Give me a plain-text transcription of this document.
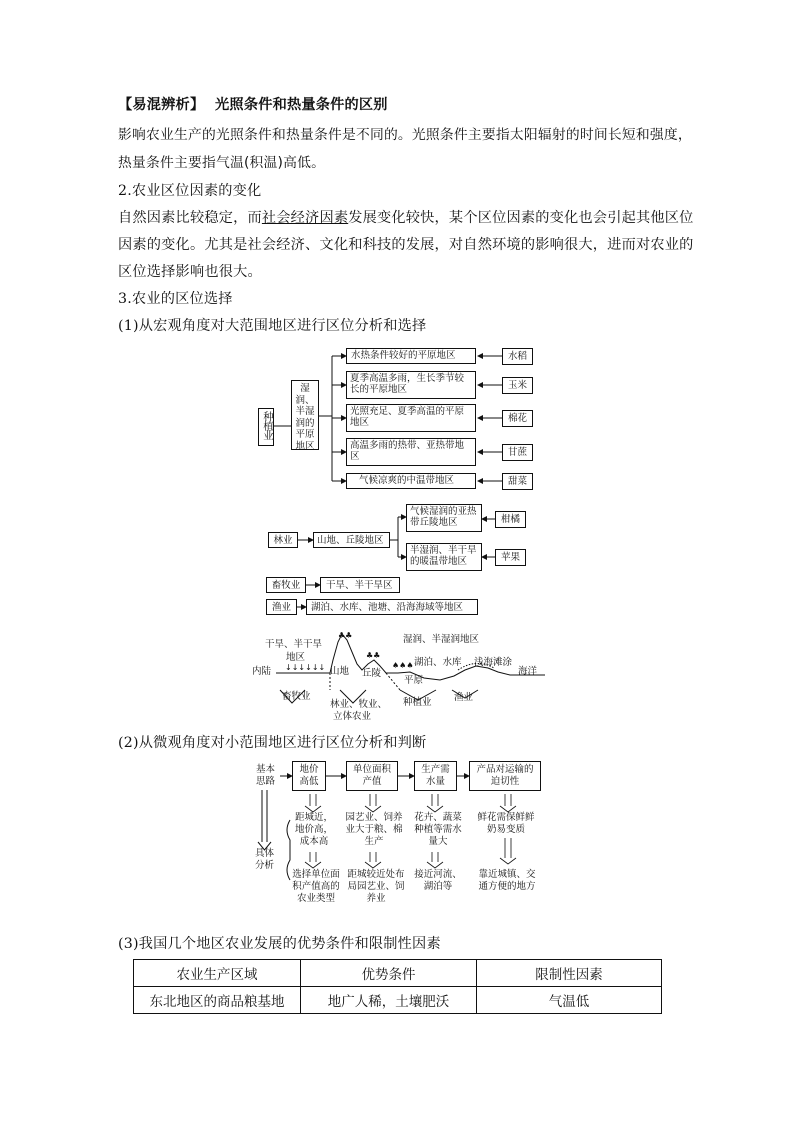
【易混辨析】 光照条件和热量条件的区别
影响农业生产的光照条件和热量条件是不同的。光照条件主要指太阳辐射的时间长短和强度，
热量条件主要指气温(积温)高低。
2.农业区位因素的变化
自然因素比较稳定，而社会经济因素发展变化较快，某个区位因素的变化也会引起其他区位
因素的变化。尤其是社会经济、文化和科技的发展，对自然环境的影响很大，进而对农业的
区位选择影响也很大。
3.农业的区位选择
(1)从宏观角度对大范围地区进行区位分析和选择
种植业
湿润、半湿润的平原地区
水热条件较好的平原地区
夏季高温多雨，生长季节较长的平原地区
光照充足、夏季高温的平原地区
高温多雨的热带、亚热带地区
气候凉爽的中温带地区
水稻
玉米
棉花
甘蔗
甜菜
林业	山地、丘陵地区
气候湿润的亚热带丘陵地区
半湿润、半干旱的暖温带地区
柑橘
苹果
畜牧业	干旱、半干旱区
渔业	湖泊、水库、池塘、沿海海域等地区
↓↓↓↓↓↓
♣♣
♣♣
♠♠♠
干旱、半干旱
地区
内陆	山地 丘陵
湿润、半湿润地区
湖泊、水库 浅海滩涂
平原
海洋
畜牧业
林业、牧业、
立体农业
种植业 渔业
(2)从微观角度对小范围地区进行区位分析和判断
基本思路
具体分析
地价高低
单位面积产值
生产需水量
产品对运输的迫切性
距城近，地价高，成本高
园艺业、饲养业大于粮、棉生产
花卉、蔬菜种植等需水量大
鲜花需保鲜鲜奶易变质
选择单位面积产值高的农业类型
距城较近处布局园艺业、饲养业
接近河流、湖泊等
靠近城镇、交通方便的地方
(3)我国几个地区农业发展的优势条件和限制性因素
农业生产区域	优势条件	限制性因素
东北地区的商品粮基地	地广人稀，土壤肥沃	气温低
